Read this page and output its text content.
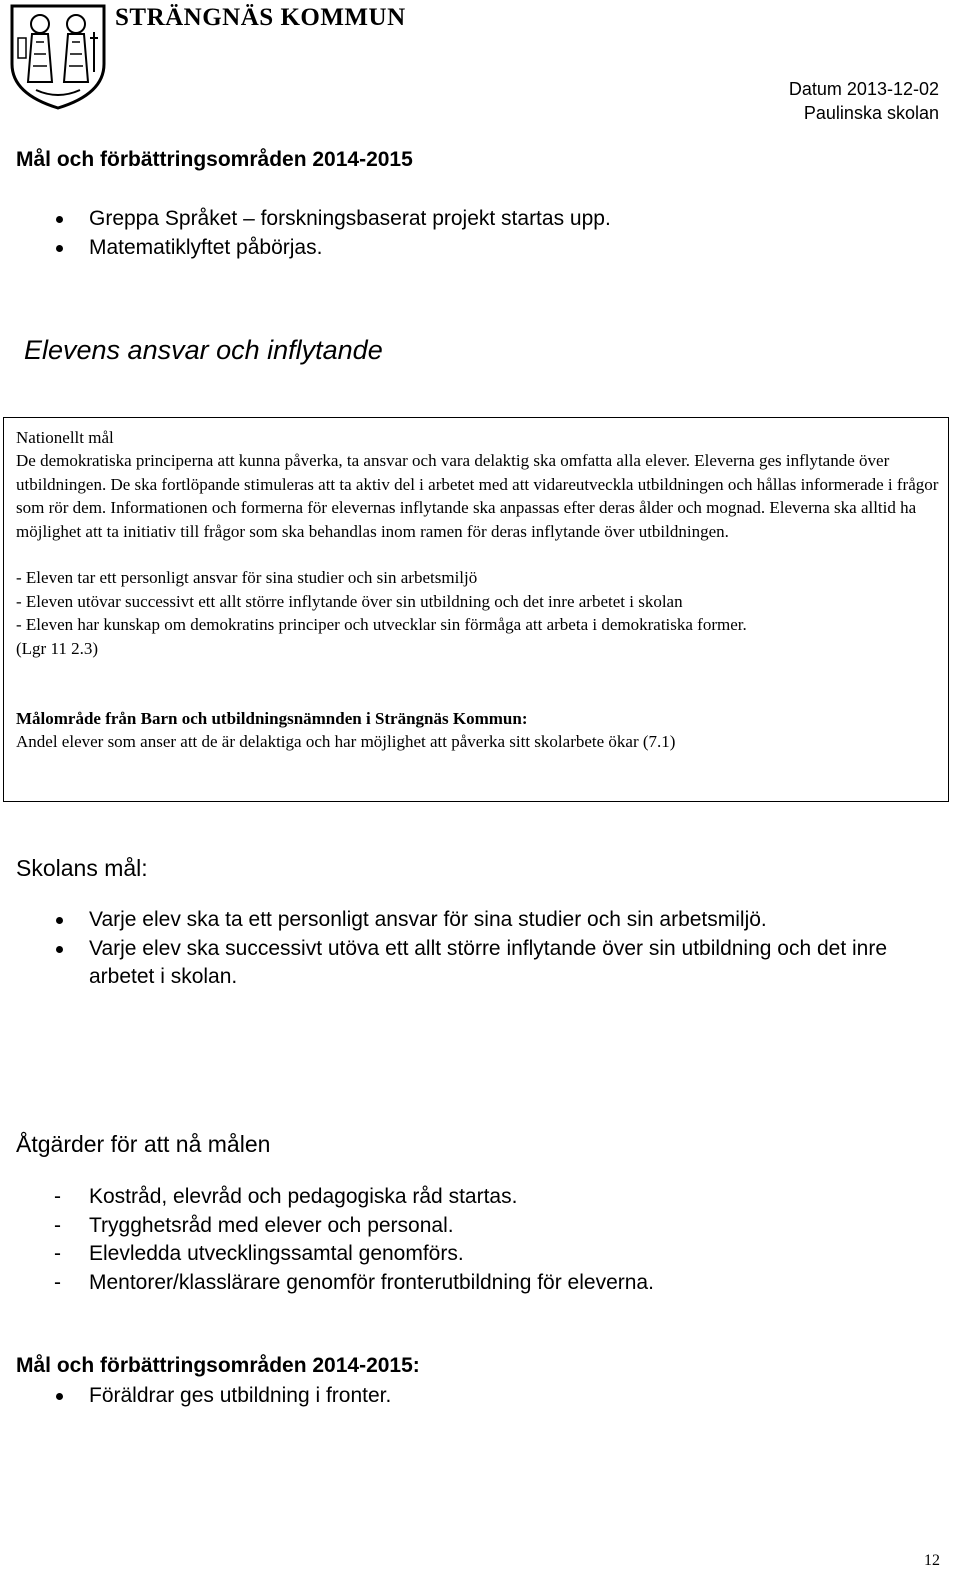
STRÄNGNÄS KOMMUN
Datum 2013-12-02
Paulinska skolan
Mål och förbättringsområden 2014-2015
Greppa Språket – forskningsbaserat projekt startas upp.
Matematiklyftet påbörjas.
Elevens ansvar och inflytande

Nationellt mål

De demokratiska principerna att kunna påverka, ta ansvar och vara delaktig ska omfatta alla elever. Eleverna ges inflytande över utbildningen. De ska fortlöpande stimuleras att ta aktiv del i arbetet med att vidareutveckla utbildningen och hållas informerade i frågor som rör dem. Informationen och formerna för elevernas inflytande ska anpassas efter deras ålder och mognad. Eleverna ska alltid ha möjlighet att ta initiativ till frågor som ska behandlas inom ramen för deras inflytande över utbildningen.

- Eleven tar ett personligt ansvar för sina studier och sin arbetsmiljö

- Eleven utövar successivt ett allt större inflytande över sin utbildning och det inre arbetet i skolan

- Eleven har kunskap om demokratins principer och utvecklar sin förmåga att arbeta i demokratiska former.

(Lgr 11 2.3)

Målområde från Barn och utbildningsnämnden i Strängnäs Kommun:

Andel elever som anser att de är delaktiga och har möjlighet att påverka sitt skolarbete ökar (7.1)

Skolans mål:
Varje elev ska ta ett personligt ansvar för sina studier och sin arbetsmiljö.
Varje elev ska successivt utöva ett allt större inflytande över sin utbildning och det inre arbetet i skolan.
Åtgärder för att nå målen
- Kostråd, elevråd och pedagogiska råd startas.
- Trygghetsråd med elever och personal.
- Elevledda utvecklingssamtal genomförs.
- Mentorer/klasslärare genomför fronterutbildning för eleverna.
Mål och förbättringsområden 2014-2015:
Föräldrar ges utbildning i fronter.
12
